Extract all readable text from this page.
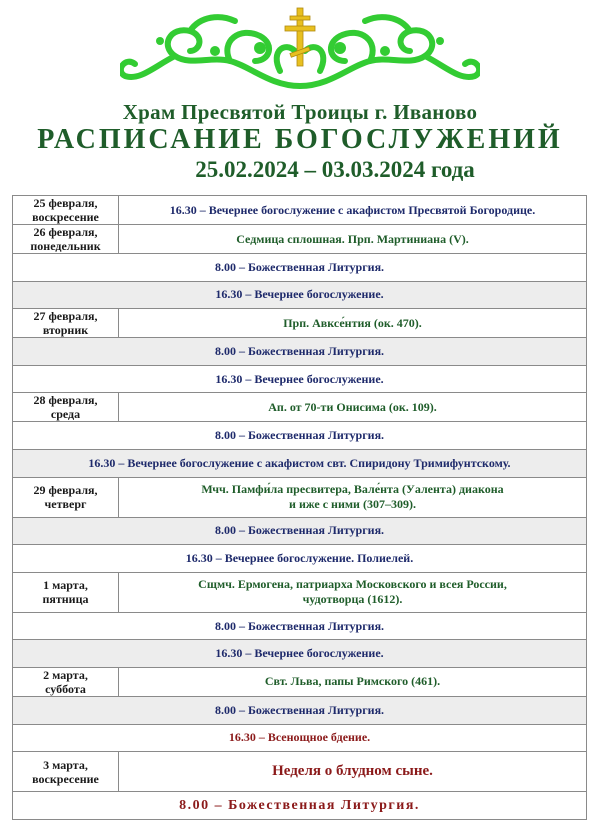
Храм Пресвятой Троицы г. Иваново
РАСПИСАНИЕ БОГОСЛУЖЕНИЙ
25.02.2024 – 03.03.2024 года
25 февраля,
воскресение	16.30 – Вечернее богослужение с акафистом Пресвятой Богородице.
26 февраля,
понедельник	Седмица сплошная. Прп. Мартиниана (V).
8.00 – Божественная Литургия.	
16.30 – Вечернее богослужение.	
27 февраля,
вторник	Прп. Авксе́нтия (ок. 470).
8.00 – Божественная Литургия.	
16.30 – Вечернее богослужение.	
28 февраля,
среда	Ап. от 70-ти Онисима (ок. 109).
8.00 – Божественная Литургия.	
16.30 – Вечернее богослужение с акафистом свт. Спиридону Тримифунтскому.	
29 февраля,
четверг	Мчч. Памфи́ла пресвитера, Вале́нта (Уалента) диакона
и иже с ними (307–309).
8.00 – Божественная Литургия.	
16.30 – Вечернее богослужение. Полиелей.	
1 марта,
пятница	Сщмч. Ермогена, патриарха Московского и всея России,
чудотворца (1612).
8.00 – Божественная Литургия.	
16.30 – Вечернее богослужение.	
2 марта,
суббота	Свт. Льва, папы Римского (461).
8.00 – Божественная Литургия.	
16.30 – Всенощное бдение.	
3 марта,
воскресение	Неделя о блудном сыне.
8.00 – Божественная Литургия.	
